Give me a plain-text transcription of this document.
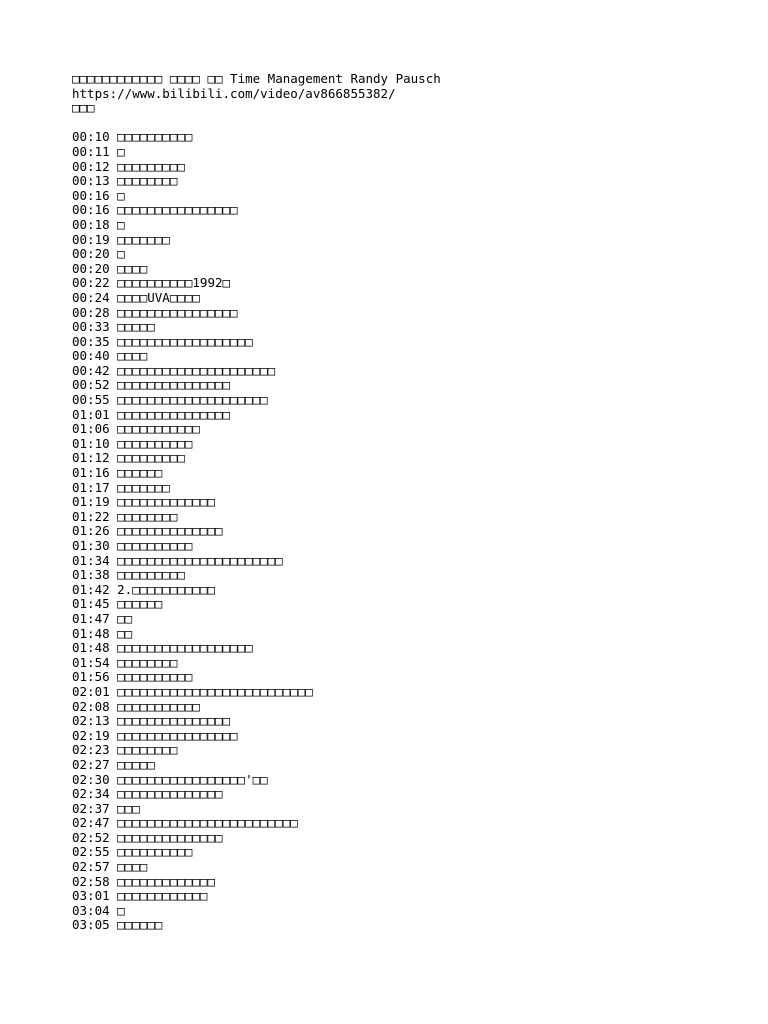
□□□□□□□□□□□□ □□□□ □□ Time Management Randy Pausch
https://www.bilibili.com/video/av866855382/
□□□
00:10 □□□□□□□□□□
00:11 □
00:12 □□□□□□□□□
00:13 □□□□□□□□
00:16 □
00:16 □□□□□□□□□□□□□□□□
00:18 □
00:19 □□□□□□□
00:20 □
00:20 □□□□
00:22 □□□□□□□□□□1992□
00:24 □□□□UVA□□□□
00:28 □□□□□□□□□□□□□□□□
00:33 □□□□□
00:35 □□□□□□□□□□□□□□□□□□
00:40 □□□□
00:42 □□□□□□□□□□□□□□□□□□□□□
00:52 □□□□□□□□□□□□□□□
00:55 □□□□□□□□□□□□□□□□□□□□
01:01 □□□□□□□□□□□□□□□
01:06 □□□□□□□□□□□
01:10 □□□□□□□□□□
01:12 □□□□□□□□□
01:16 □□□□□□
01:17 □□□□□□□
01:19 □□□□□□□□□□□□□
01:22 □□□□□□□□
01:26 □□□□□□□□□□□□□□
01:30 □□□□□□□□□□
01:34 □□□□□□□□□□□□□□□□□□□□□□
01:38 □□□□□□□□□
01:42 2.□□□□□□□□□□□
01:45 □□□□□□
01:47 □□
01:48 □□
01:48 □□□□□□□□□□□□□□□□□□
01:54 □□□□□□□□
01:56 □□□□□□□□□□
02:01 □□□□□□□□□□□□□□□□□□□□□□□□□□
02:08 □□□□□□□□□□□
02:13 □□□□□□□□□□□□□□□
02:19 □□□□□□□□□□□□□□□□
02:23 □□□□□□□□
02:27 □□□□□
02:30 □□□□□□□□□□□□□□□□□'□□
02:34 □□□□□□□□□□□□□□
02:37 □□□
02:47 □□□□□□□□□□□□□□□□□□□□□□□□
02:52 □□□□□□□□□□□□□□
02:55 □□□□□□□□□□
02:57 □□□□
02:58 □□□□□□□□□□□□□
03:01 □□□□□□□□□□□□
03:04 □
03:05 □□□□□□
